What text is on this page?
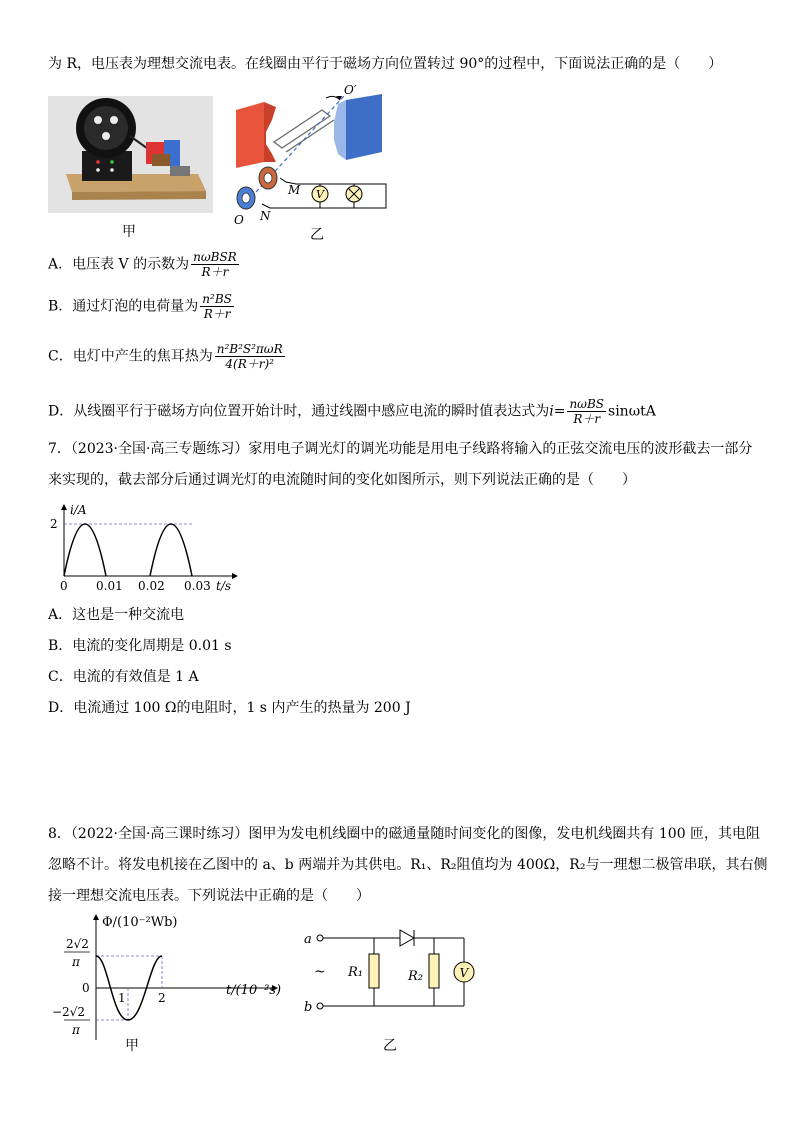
为 R，电压表为理想交流电表。在线圈由平行于磁场方向位置转过 90°的过程中，下面说法正确的是（　　）
甲
V
O′
M
O N
乙
A．电压表 V 的示数为 $\frac{\text{nωBSR}}{R+r}$
B．通过灯泡的电荷量为 $\frac{\text{n²BS}}{R+r}$
C．电灯中产生的焦耳热为 $\frac{\text{n²B²S²πωR}}{\text{4(R＋r)²}}$
D．从线圈平行于磁场方向位置开始计时，通过线圈中感应电流的瞬时值表达式为$i= \frac{\text{nωBS}}{R+r}$ sinωtA
7．（2023·全国·高三专题练习）家用电子调光灯的调光功能是用电子线路将输入的正弦交流电压的波形截去一部分
来实现的，截去部分后通过调光灯的电流随时间的变化如图所示，则下列说法正确的是（　　）
i/A
2
0 0.01 0.02 0.03 t/s
A．这也是一种交流电
B．电流的变化周期是 0.01 s
C．电流的有效值是 1 A
D．电流通过 100 Ω的电阻时，1 s 内产生的热量为 200 J
8．（2022·全国·高三课时练习）图甲为发电机线圈中的磁通量随时间变化的图像，发电机线圈共有 100 匝，其电阻
忽略不计。将发电机接在乙图中的 a、b 两端并为其供电。R₁、R₂阻值均为 400Ω，R₂与一理想二极管串联，其右侧
接一理想交流电压表。下列说法中正确的是（　　）
Φ/(10⁻²Wb)
2√2
π
−2√2
π
0
1	2	t/(10⁻²s)
甲
V
a
b
~ R₁	R₂
乙
